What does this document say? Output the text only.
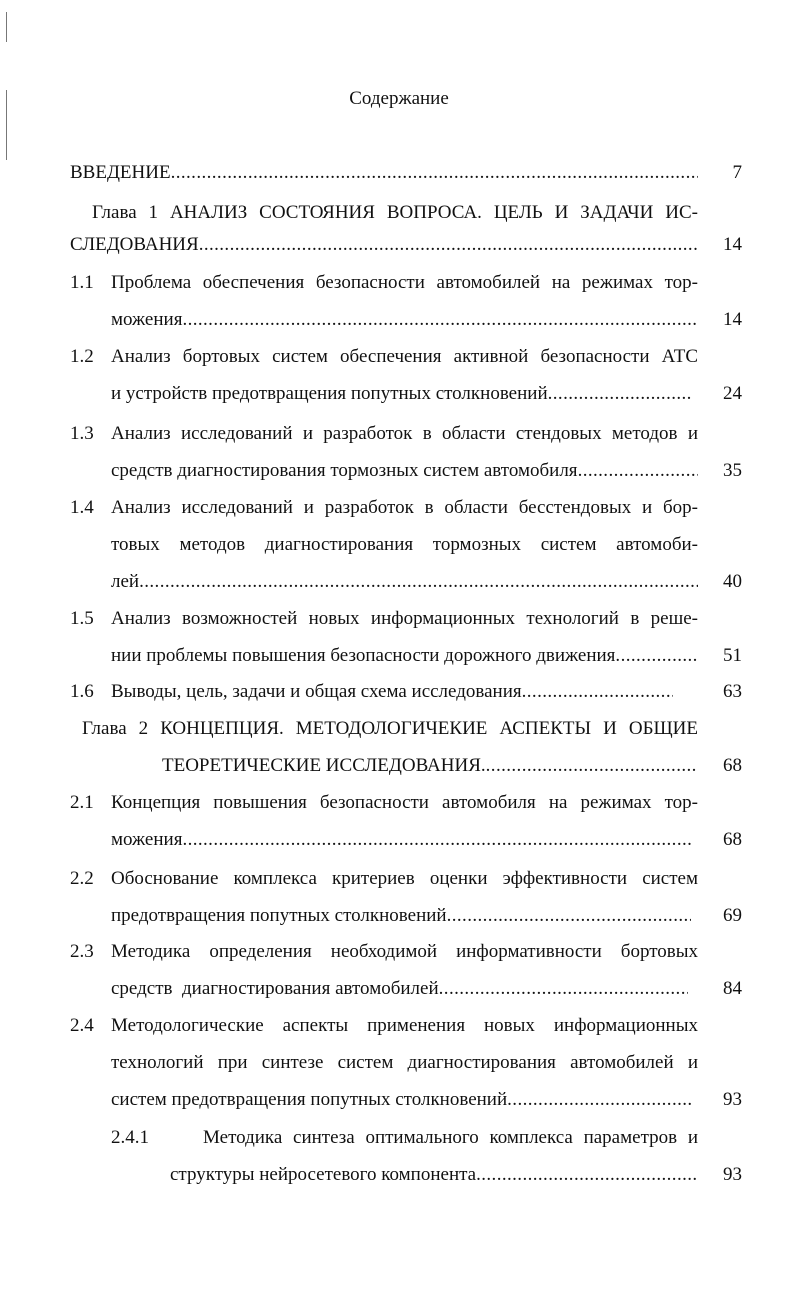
Содержание
ВВЕДЕНИЕ .....	7
Глава 1 АНАЛИЗ СОСТОЯНИЯ ВОПРОСА. ЦЕЛЬ И ЗАДАЧИ ИС-
СЛЕДОВАНИЯ .....	14
1.1 Проблема обеспечения безопасности автомобилей на режимах тор-
можения .....	14
1.2 Анализ бортовых систем обеспечения активной безопасности АТС
и устройств предотвращения попутных столкновений .....	24
1.3 Анализ исследований и разработок в области стендовых методов и
средств диагностирования тормозных систем автомобиля .....	35
1.4 Анализ исследований и разработок в области бесстендовых и бор-
товых методов диагностирования тормозных систем автомоби-
лей .....	40
1.5 Анализ возможностей новых информационных технологий в реше-
нии проблемы повышения безопасности дорожного движения .....	51
1.6 Выводы, цель, задачи и общая схема исследования .....	63
Глава 2 КОНЦЕПЦИЯ. МЕТОДОЛОГИЧЕКИЕ АСПЕКТЫ И ОБЩИЕ
ТЕОРЕТИЧЕСКИЕ ИССЛЕДОВАНИЯ. .....	68
2.1 Концепция повышения безопасности автомобиля на режимах тор-
можения .....	68
2.2 Обоснование комплекса критериев оценки эффективности систем
предотвращения попутных столкновений .....	69
2.3 Методика определения необходимой информативности бортовых
средств  диагностирования автомобилей .....	84
2.4 Методологические аспекты применения новых информационных
технологий при синтезе систем диагностирования автомобилей и
систем предотвращения попутных столкновений .....	93
2.4.1	Методика синтеза оптимального комплекса параметров и
структуры нейросетевого компонента .....	93
